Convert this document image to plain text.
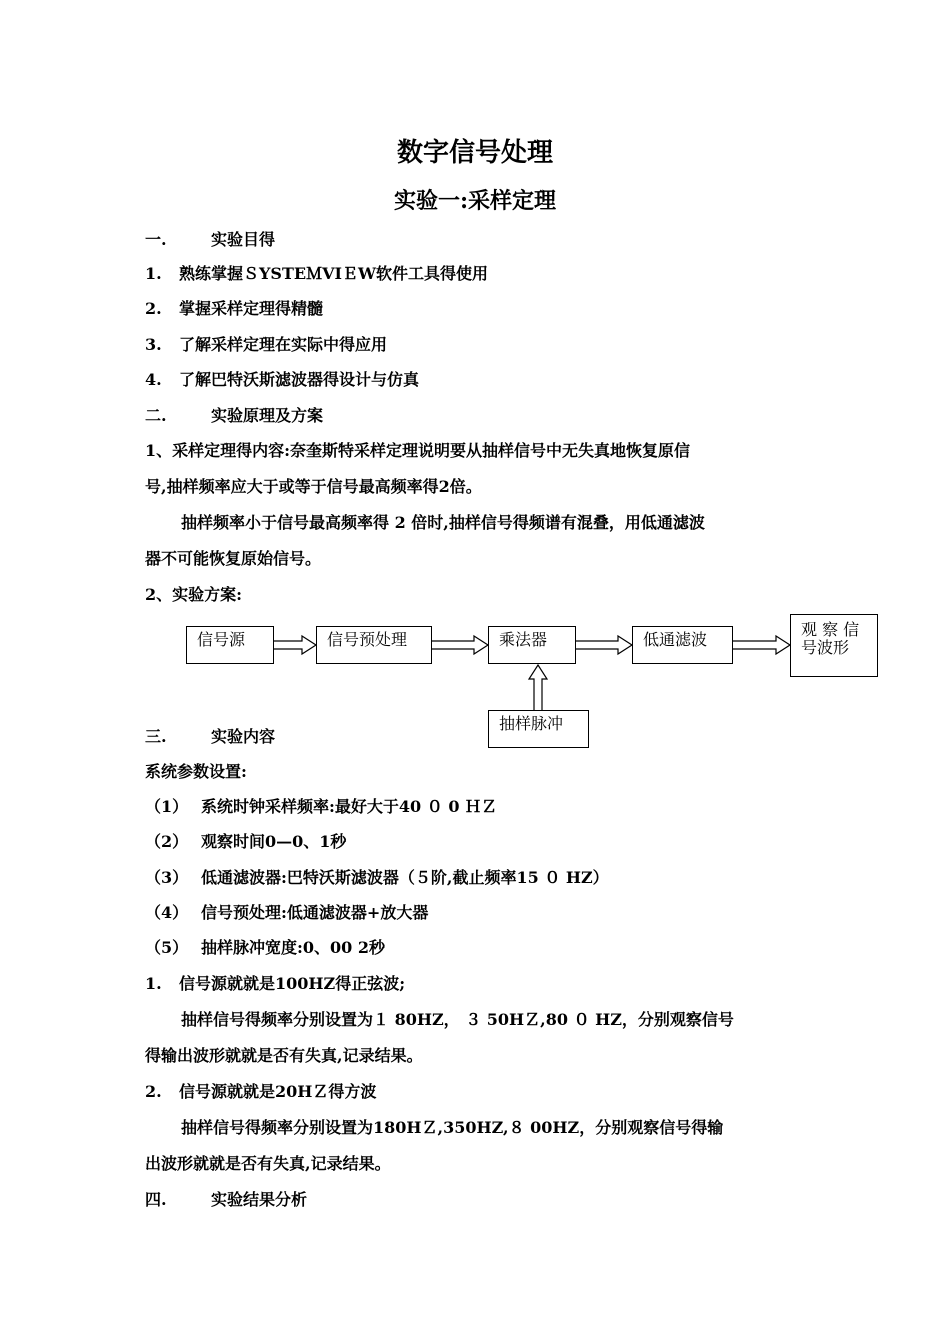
数字信号处理
实验一:采样定理
一.	实验目得
1. 熟练掌握ＳYSTEＭVIＥW软件工具得使用
2. 掌握采样定理得精髓
3. 了解采样定理在实际中得应用
4. 了解巴特沃斯滤波器得设计与仿真
二.	实验原理及方案
1、采样定理得内容:奈奎斯特采样定理说明要从抽样信号中无失真地恢复原信
号,抽样频率应大于或等于信号最高频率得2倍。
抽样频率小于信号最高频率得 2 倍时,抽样信号得频谱有混叠，用低通滤波
器不可能恢复原始信号。
2、实验方案:
信号源	信号预处理	乘法器	低通滤波
观 察 信
号波形
抽样脉冲
三.	实验内容
系统参数设置:
（1） 系统时钟采样频率:最好大于40 ０ 0 ＨＺ
（2） 观察时间0—0、1秒
（3） 低通滤波器:巴特沃斯滤波器（５阶,截止频率15 ０ HZ）
（4） 信号预处理:低通滤波器+放大器
（5） 抽样脉冲宽度:0、00 2秒
1. 信号源就就是100HZ得正弦波;
抽样信号得频率分别设置为１ 80HZ， ３ 50HＺ,80 ０ HZ，分别观察信号
得输出波形就就是否有失真,记录结果。
2. 信号源就就是20HＺ得方波
抽样信号得频率分别设置为180HＺ,350HZ,８ 00HZ，分别观察信号得输
出波形就就是否有失真,记录结果。
四.	实验结果分析
